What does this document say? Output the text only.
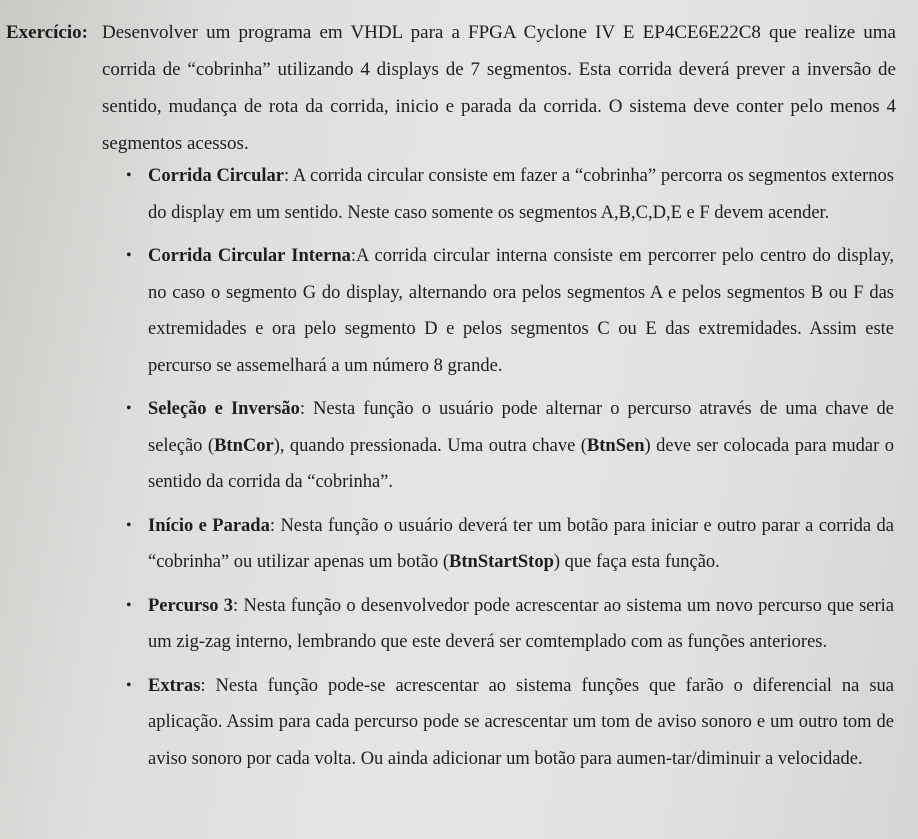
Exercício: Desenvolver um programa em VHDL para a FPGA Cyclone IV E EP4CE6E22C8 que realize uma corrida de “cobrinha” utilizando 4 displays de 7 segmentos. Esta corrida deverá prever a inversão de sentido, mudança de rota da corrida, inicio e parada da corrida. O sistema deve conter pelo menos 4 segmentos acessos.
• Corrida Circular: A corrida circular consiste em fazer a “cobrinha” percorra os segmentos externos do display em um sentido. Neste caso somente os segmentos A,B,C,D,E e F devem acender.
• Corrida Circular Interna:A corrida circular interna consiste em percorrer pelo centro do display, no caso o segmento G do display, alternando ora pelos segmentos A e pelos segmentos B ou F das extremidades e ora pelo segmento D e pelos segmentos C ou E das extremidades. Assim este percurso se assemelhará a um número 8 grande.
• Seleção e Inversão: Nesta função o usuário pode alternar o percurso através de uma chave de seleção (BtnCor), quando pressionada. Uma outra chave (BtnSen) deve ser colocada para mudar o sentido da corrida da “cobrinha”.
• Início e Parada: Nesta função o usuário deverá ter um botão para iniciar e outro parar a corrida da “cobrinha” ou utilizar apenas um botão (BtnStartStop) que faça esta função.
• Percurso 3: Nesta função o desenvolvedor pode acrescentar ao sistema um novo percurso que seria um zig-zag interno, lembrando que este deverá ser comtemplado com as funções anteriores.
• Extras: Nesta função pode-se acrescentar ao sistema funções que farão o diferencial na sua aplicação. Assim para cada percurso pode se acrescentar um tom de aviso sonoro e um outro tom de aviso sonoro por cada volta. Ou ainda adicionar um botão para aumen-tar/diminuir a velocidade.
